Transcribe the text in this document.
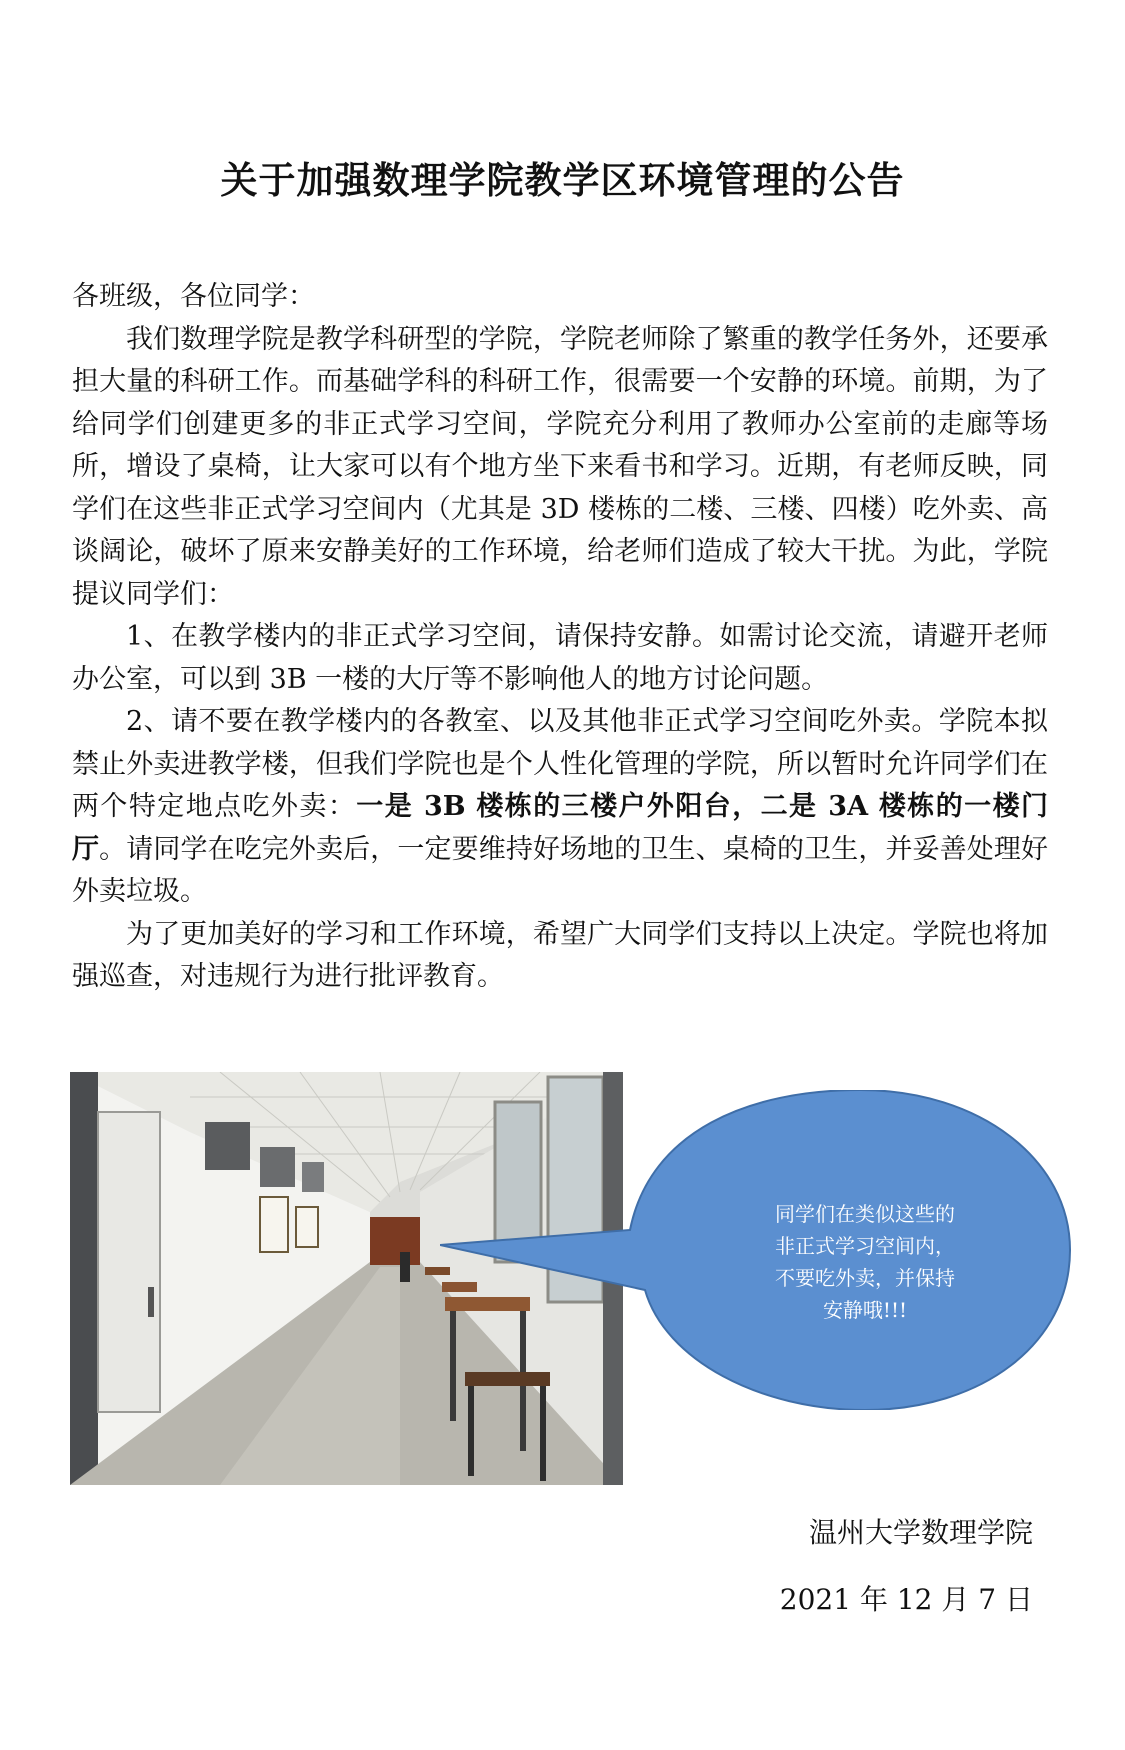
关于加强数理学院教学区环境管理的公告

各班级，各位同学：

我们数理学院是教学科研型的学院，学院老师除了繁重的教学任务外，还要承担大量的科研工作。而基础学科的科研工作，很需要一个安静的环境。前期，为了给同学们创建更多的非正式学习空间，学院充分利用了教师办公室前的走廊等场所，增设了桌椅，让大家可以有个地方坐下来看书和学习。近期，有老师反映，同学们在这些非正式学习空间内（尤其是 3D 楼栋的二楼、三楼、四楼）吃外卖、高谈阔论，破坏了原来安静美好的工作环境，给老师们造成了较大干扰。为此，学院提议同学们：

1、在教学楼内的非正式学习空间，请保持安静。如需讨论交流，请避开老师办公室，可以到 3B 一楼的大厅等不影响他人的地方讨论问题。

2、请不要在教学楼内的各教室、以及其他非正式学习空间吃外卖。学院本拟禁止外卖进教学楼，但我们学院也是个人性化管理的学院，所以暂时允许同学们在两个特定地点吃外卖：一是 3B 楼栋的三楼户外阳台，二是 3A 楼栋的一楼门厅。请同学在吃完外卖后，一定要维持好场地的卫生、桌椅的卫生，并妥善处理好外卖垃圾。

为了更加美好的学习和工作环境，希望广大同学们支持以上决定。学院也将加强巡查，对违规行为进行批评教育。

同学们在类似这些的
非正式学习空间内，
不要吃外卖，并保持
安静哦!!!
温州大学数理学院
2021 年 12 月 7 日
